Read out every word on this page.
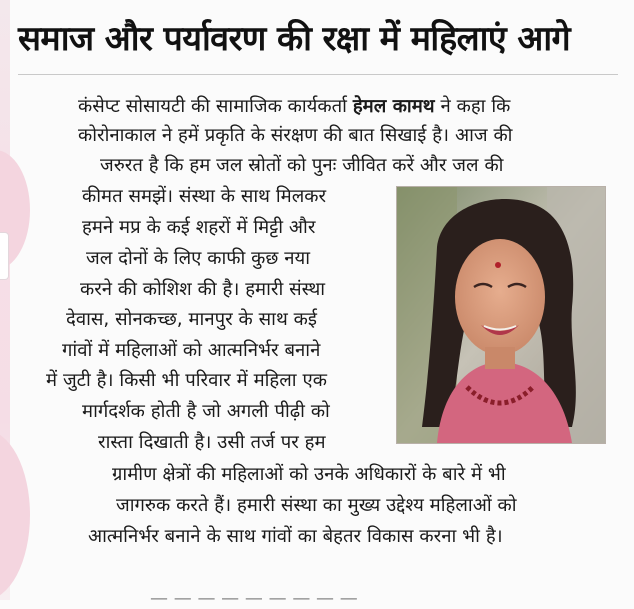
समाज और पर्यावरण की रक्षा में महिलाएं आगे

कंसेप्ट सोसायटी की सामाजिक कार्यकर्ता हेमल कामथ ने कहा कि

कोरोनाकाल ने हमें प्रकृति के संरक्षण की बात सिखाई है। आज की

जरुरत है कि हम जल स्रोतों को पुनः जीवित करें और जल की

कीमत समझें। संस्था के साथ मिलकर

हमने मप्र के कई शहरों में मिट्टी और

जल दोनों के लिए काफी कुछ नया

करने की कोशिश की है। हमारी संस्था

देवास, सोनकच्छ, मानपुर के साथ कई

गांवों में महिलाओं को आत्मनिर्भर बनाने

में जुटी है। किसी भी परिवार में महिला एक

मार्गदर्शक होती है जो अगली पीढ़ी को

रास्ता दिखाती है। उसी तर्ज पर हम

ग्रामीण क्षेत्रों की महिलाओं को उनके अधिकारों के बारे में भी

जागरुक करते हैं। हमारी संस्था का मुख्य उद्देश्य महिलाओं को

आत्मनिर्भर बनाने के साथ गांवों का बेहतर विकास करना भी है।

— — — — — — — — —
